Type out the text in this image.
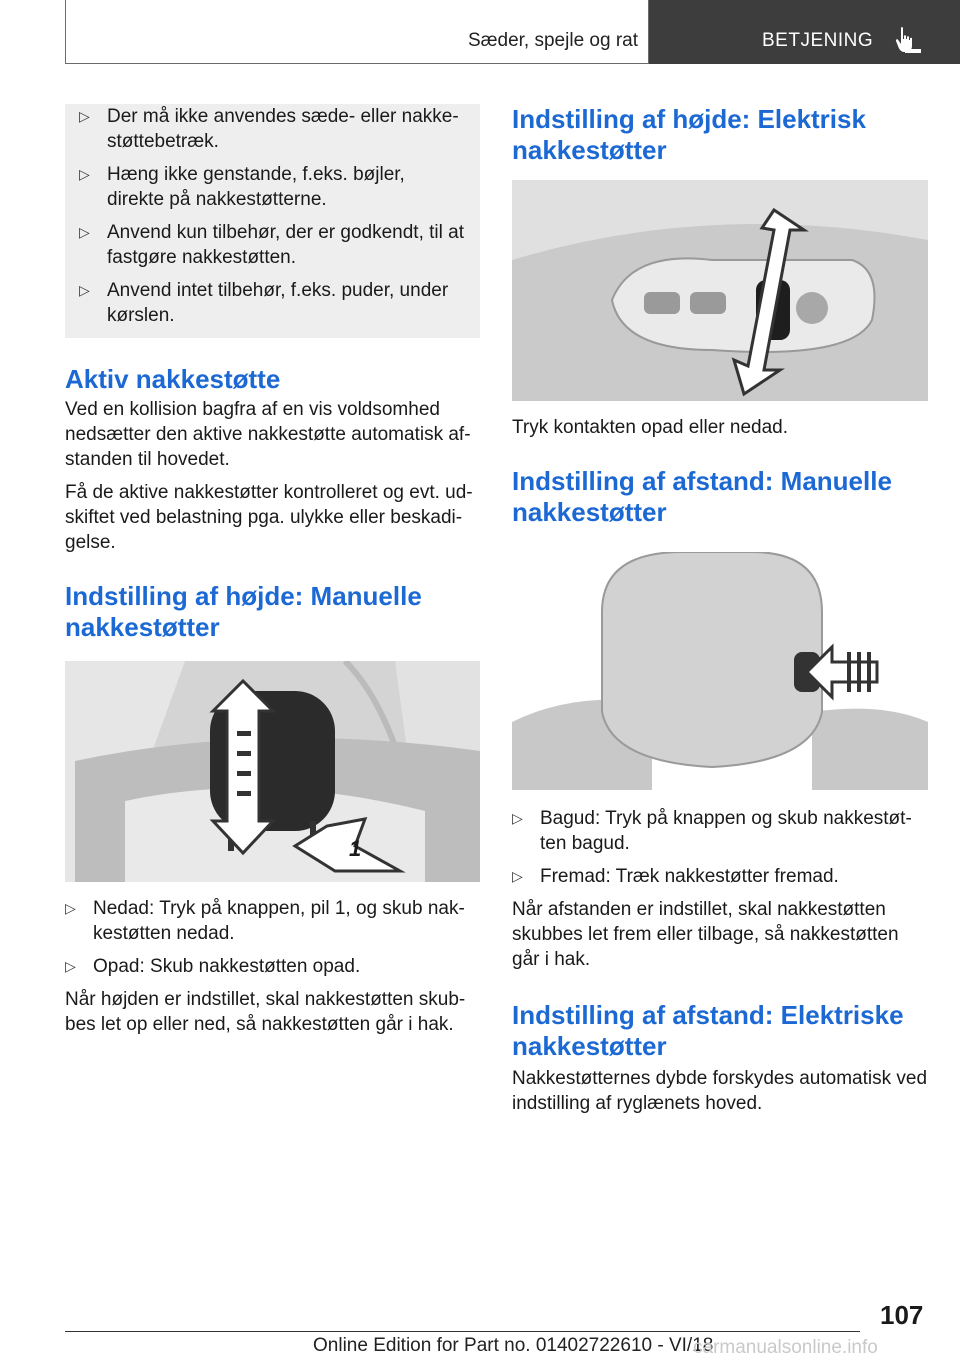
Sæder, spejle og rat	BETJENING
▷ Der må ikke anvendes sæde- eller nakke‐støttebetræk.
▷ Hæng ikke genstande, f.eks. bøjler, direkte på nakkestøtterne.
▷ Anvend kun tilbehør, der er godkendt, til at fastgøre nakkestøtten.
▷ Anvend intet tilbehør, f.eks. puder, under kørslen.
Aktiv nakkestøtte

Ved en kollision bagfra af en vis voldsomhed nedsætter den aktive nakkestøtte automatisk af‐standen til hovedet.

Få de aktive nakkestøtter kontrolleret og evt. ud‐skiftet ved belastning pga. ulykke eller beskadi‐gelse.

Indstilling af højde: Manuelle nakkestøtter
1
▷ Nedad: Tryk på knappen, pil 1, og skub nak‐kestøtten nedad.
▷ Opad: Skub nakkestøtten opad.

Når højden er indstillet, skal nakkestøtten skub‐bes let op eller ned, så nakkestøtten går i hak.

Indstilling af højde: Elektrisk nakkestøtter

Tryk kontakten opad eller nedad.

Indstilling af afstand: Manuelle nakkestøtter
▷ Bagud: Tryk på knappen og skub nakkestøt‐ten bagud.
▷ Fremad: Træk nakkestøtter fremad.

Når afstanden er indstillet, skal nakkestøtten skubbes let frem eller tilbage, så nakkestøtten går i hak.

Indstilling af afstand: Elektriske nakkestøtter

Nakkestøtternes dybde forskydes automatisk ved indstilling af ryglænets hoved.

107
Online Edition for Part no. 01402722610 - VI/18
carmanualsonline.info
